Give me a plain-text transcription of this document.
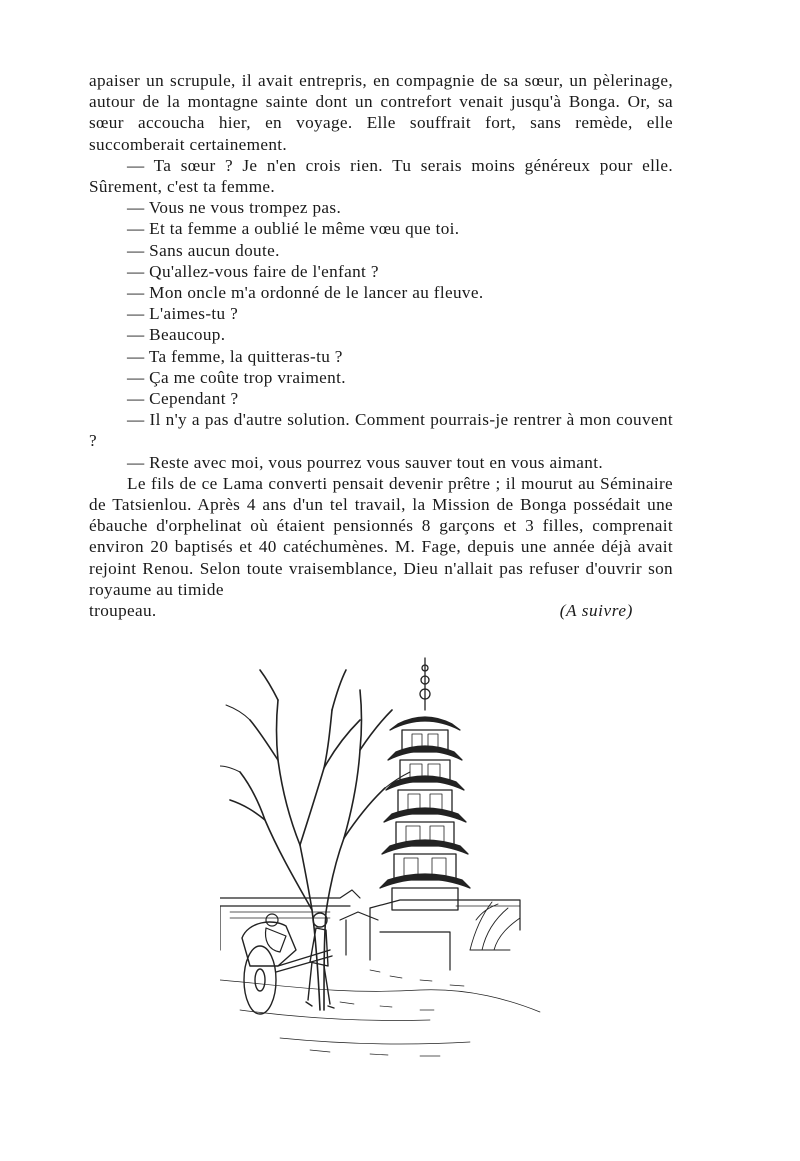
apaiser un scrupule, il avait entrepris, en compagnie de sa sœur, un pèlerinage, autour de la montagne sainte dont un contrefort venait jusqu'à Bonga. Or, sa sœur accoucha hier, en voyage. Elle souffrait fort, sans remède, elle succomberait certainement.

— Ta sœur ? Je n'en crois rien. Tu serais moins généreux pour elle. Sûrement, c'est ta femme.

— Vous ne vous trompez pas.

— Et ta femme a oublié le même vœu que toi.

— Sans aucun doute.

— Qu'allez-vous faire de l'enfant ?

— Mon oncle m'a ordonné de le lancer au fleuve.

— L'aimes-tu ?

— Beaucoup.

— Ta femme, la quitteras-tu ?

— Ça me coûte trop vraiment.

— Cependant ?

— Il n'y a pas d'autre solution. Comment pourrais-je rentrer à mon couvent ?

— Reste avec moi, vous pourrez vous sauver tout en vous aimant.

Le fils de ce Lama converti pensait devenir prêtre ; il mourut au Séminaire de Tatsienlou. Après 4 ans d'un tel travail, la Mission de Bonga possédait une ébauche d'orphelinat où étaient pensionnés 8 garçons et 3 filles, comprenait environ 20 baptisés et 40 catéchumènes. M. Fage, depuis une année déjà avait rejoint Renou. Selon toute vraisemblance, Dieu n'allait pas refuser d'ouvrir son royaume au timide

troupeau.	(A suivre)
